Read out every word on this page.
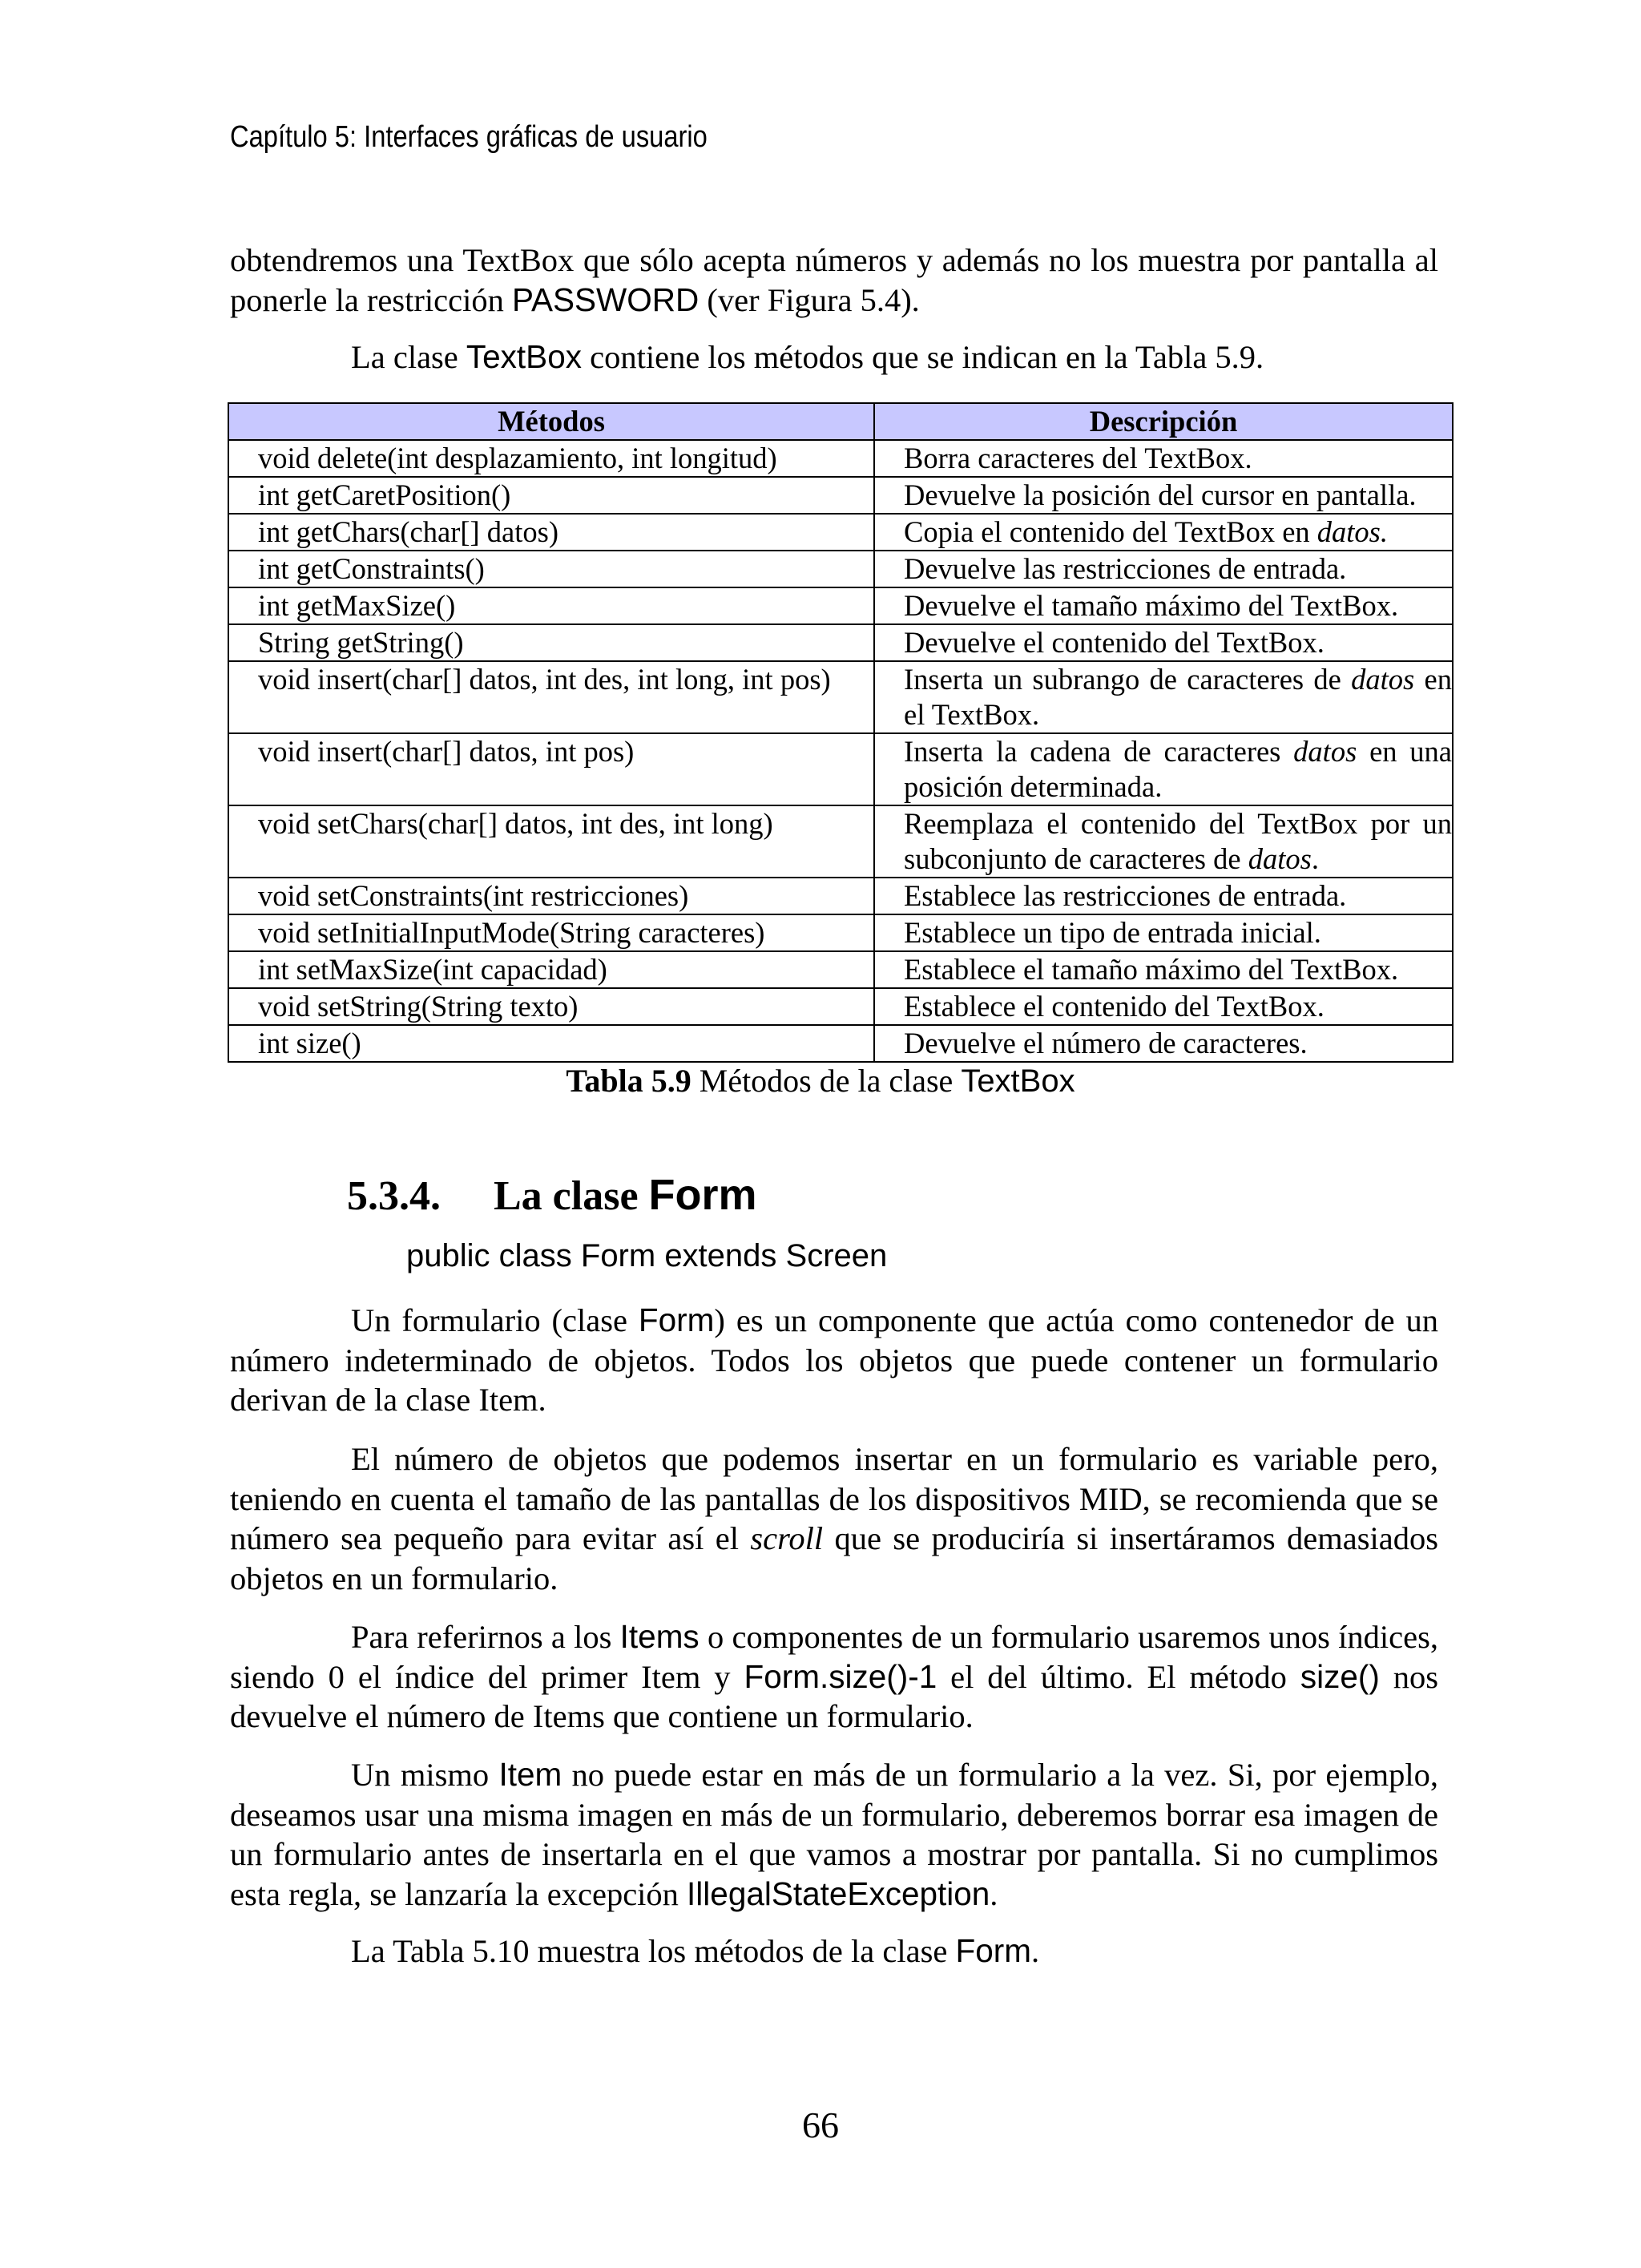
Capítulo 5: Interfaces gráficas de usuario

obtendremos una TextBox que sólo acepta números y además no los muestra por pantalla al ponerle la restricción PASSWORD (ver Figura 5.4).

La clase TextBox contiene los métodos que se indican en la Tabla 5.9.

Métodos	Descripción
void delete(int desplazamiento, int longitud)	Borra caracteres del TextBox.
int getCaretPosition()	Devuelve la posición del cursor en pantalla.
int getChars(char[] datos)	Copia el contenido del TextBox en datos.
int getConstraints()	Devuelve las restricciones de entrada.
int getMaxSize()	Devuelve el tamaño máximo del TextBox.
String getString()	Devuelve el contenido del TextBox.
void insert(char[] datos, int des, int long, int pos)	Inserta un subrango de caracteres de datos en el TextBox.
void insert(char[] datos, int pos)	Inserta la cadena de caracteres datos en una posición determinada.
void setChars(char[] datos, int des, int long)	Reemplaza el contenido del TextBox por un subconjunto de caracteres de datos.
void setConstraints(int restricciones)	Establece las restricciones de entrada.
void setInitialInputMode(String caracteres)	Establece un tipo de entrada inicial.
int setMaxSize(int capacidad)	Establece el tamaño máximo del TextBox.
void setString(String texto)	Establece el contenido del TextBox.
int size()	Devuelve el número de caracteres.
Tabla 5.9 Métodos de la clase TextBox
5.3.4. La clase Form
public class Form extends Screen

Un formulario (clase Form) es un componente que actúa como contenedor de un número indeterminado de objetos. Todos los objetos que puede contener un formulario derivan de la clase Item.

El número de objetos que podemos insertar en un formulario es variable pero, teniendo en cuenta el tamaño de las pantallas de los dispositivos MID, se recomienda que se número sea pequeño para evitar así el scroll que se produciría si insertáramos demasiados objetos en un formulario.

Para referirnos a los Items o componentes de un formulario usaremos unos índices, siendo 0 el índice del primer Item y Form.size()-1 el del último. El método size() nos devuelve el número de Items que contiene un formulario.

Un mismo Item no puede estar en más de un formulario a la vez. Si, por ejemplo, deseamos usar una misma imagen en más de un formulario, deberemos borrar esa imagen de un formulario antes de insertarla en el que vamos a mostrar por pantalla. Si no cumplimos esta regla, se lanzaría la excepción IllegalStateException.

La Tabla 5.10 muestra los métodos de la clase Form.

66
